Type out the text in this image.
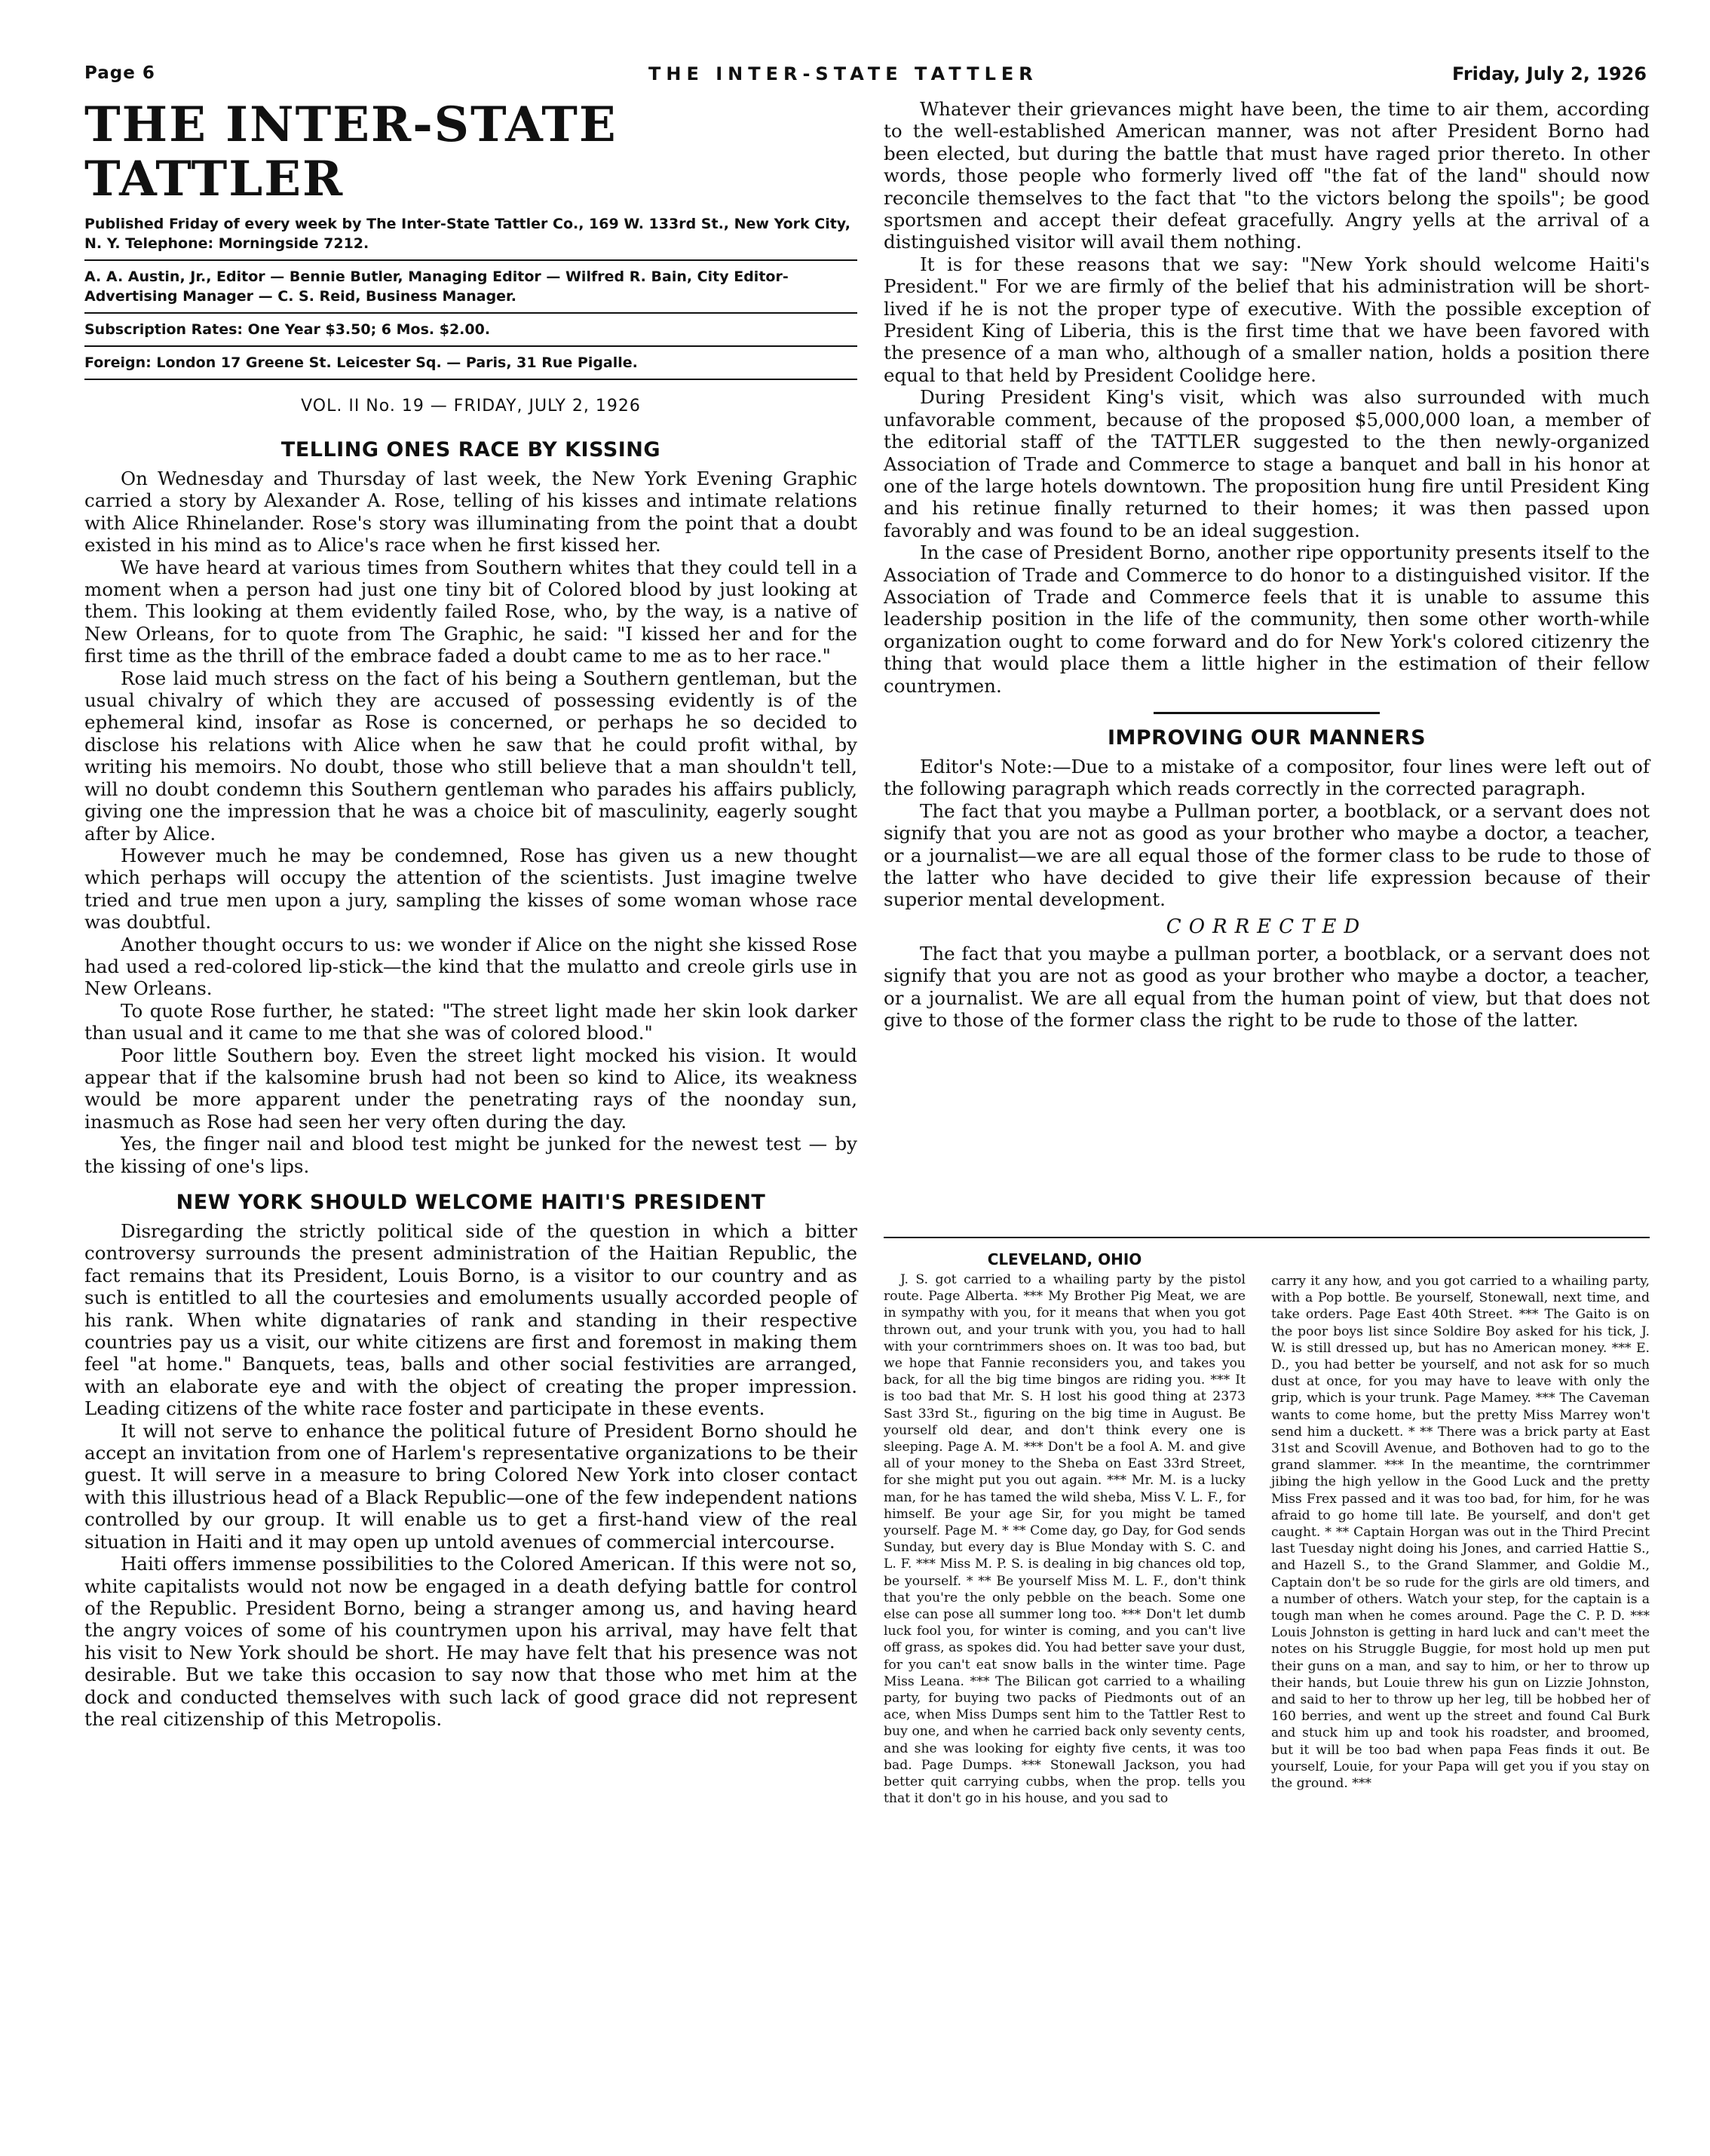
Page 6	THE INTER-STATE TATTLER	Friday, July 2, 1926
THE INTER-STATE TATTLER

Published Friday of every week by The Inter-State Tattler Co., 169 W. 133rd St., New York City, N. Y. Telephone: Morningside 7212.

A. A. Austin, Jr., Editor — Bennie Butler, Managing Editor — Wilfred R. Bain, City Editor-Advertising Manager — C. S. Reid, Business Manager.

Subscription Rates: One Year $3.50; 6 Mos. $2.00.

Foreign: London 17 Greene St. Leicester Sq. — Paris, 31 Rue Pigalle.

VOL. II No. 19 — FRIDAY, JULY 2, 1926
TELLING ONES RACE BY KISSING

On Wednesday and Thursday of last week, the New York Evening Graphic carried a story by Alexander A. Rose, telling of his kisses and intimate relations with Alice Rhinelander. Rose's story was illuminating from the point that a doubt existed in his mind as to Alice's race when he first kissed her.

We have heard at various times from Southern whites that they could tell in a moment when a person had just one tiny bit of Colored blood by just looking at them. This looking at them evidently failed Rose, who, by the way, is a native of New Orleans, for to quote from The Graphic, he said: "I kissed her and for the first time as the thrill of the embrace faded a doubt came to me as to her race."

Rose laid much stress on the fact of his being a Southern gentleman, but the usual chivalry of which they are accused of possessing evidently is of the ephemeral kind, insofar as Rose is concerned, or perhaps he so decided to disclose his relations with Alice when he saw that he could profit withal, by writing his memoirs. No doubt, those who still believe that a man shouldn't tell, will no doubt condemn this Southern gentleman who parades his affairs publicly, giving one the impression that he was a choice bit of masculinity, eagerly sought after by Alice.

However much he may be condemned, Rose has given us a new thought which perhaps will occupy the attention of the scientists. Just imagine twelve tried and true men upon a jury, sampling the kisses of some woman whose race was doubtful.

Another thought occurs to us: we wonder if Alice on the night she kissed Rose had used a red-colored lip-stick—the kind that the mulatto and creole girls use in New Orleans.

To quote Rose further, he stated: "The street light made her skin look darker than usual and it came to me that she was of colored blood."

Poor little Southern boy. Even the street light mocked his vision. It would appear that if the kalsomine brush had not been so kind to Alice, its weakness would be more apparent under the penetrating rays of the noonday sun, inasmuch as Rose had seen her very often during the day.

Yes, the finger nail and blood test might be junked for the newest test — by the kissing of one's lips.

NEW YORK SHOULD WELCOME HAITI'S PRESIDENT

Disregarding the strictly political side of the question in which a bitter controversy surrounds the present administration of the Haitian Republic, the fact remains that its President, Louis Borno, is a visitor to our country and as such is entitled to all the courtesies and emoluments usually accorded people of his rank. When white dignataries of rank and standing in their respective countries pay us a visit, our white citizens are first and foremost in making them feel "at home." Banquets, teas, balls and other social festivities are arranged, with an elaborate eye and with the object of creating the proper impression. Leading citizens of the white race foster and participate in these events.

It will not serve to enhance the political future of President Borno should he accept an invitation from one of Harlem's representative organizations to be their guest. It will serve in a measure to bring Colored New York into closer contact with this illustrious head of a Black Republic—one of the few independent nations controlled by our group. It will enable us to get a first-hand view of the real situation in Haiti and it may open up untold avenues of commercial intercourse.

Haiti offers immense possibilities to the Colored American. If this were not so, white capitalists would not now be engaged in a death defying battle for control of the Republic. President Borno, being a stranger among us, and having heard the angry voices of some of his countrymen upon his arrival, may have felt that his visit to New York should be short. He may have felt that his presence was not desirable. But we take this occasion to say now that those who met him at the dock and conducted themselves with such lack of good grace did not represent the real citizenship of this Metropolis.

Whatever their grievances might have been, the time to air them, according to the well-established American manner, was not after President Borno had been elected, but during the battle that must have raged prior thereto. In other words, those people who formerly lived off "the fat of the land" should now reconcile themselves to the fact that "to the victors belong the spoils"; be good sportsmen and accept their defeat gracefully. Angry yells at the arrival of a distinguished visitor will avail them nothing.

It is for these reasons that we say: "New York should welcome Haiti's President." For we are firmly of the belief that his administration will be short-lived if he is not the proper type of executive. With the possible exception of President King of Liberia, this is the first time that we have been favored with the presence of a man who, although of a smaller nation, holds a position there equal to that held by President Coolidge here.

During President King's visit, which was also surrounded with much unfavorable comment, because of the proposed $5,000,000 loan, a member of the editorial staff of the TATTLER suggested to the then newly-organized Association of Trade and Commerce to stage a banquet and ball in his honor at one of the large hotels downtown. The proposition hung fire until President King and his retinue finally returned to their homes; it was then passed upon favorably and was found to be an ideal suggestion.

In the case of President Borno, another ripe opportunity presents itself to the Association of Trade and Commerce to do honor to a distinguished visitor. If the Association of Trade and Commerce feels that it is unable to assume this leadership position in the life of the community, then some other worth-while organization ought to come forward and do for New York's colored citizenry the thing that would place them a little higher in the estimation of their fellow countrymen.

IMPROVING OUR MANNERS

Editor's Note:—Due to a mistake of a compositor, four lines were left out of the following paragraph which reads correctly in the corrected paragraph.

The fact that you maybe a Pullman porter, a bootblack, or a servant does not signify that you are not as good as your brother who maybe a doctor, a teacher, or a journalist—we are all equal those of the former class to be rude to those of the latter who have decided to give their life expression because of their superior mental development.

CORRECTED

The fact that you maybe a pullman porter, a bootblack, or a servant does not signify that you are not as good as your brother who maybe a doctor, a teacher, or a journalist. We are all equal from the human point of view, but that does not give to those of the former class the right to be rude to those of the latter.

CLEVELAND, OHIO

J. S. got carried to a whailing party by the pistol route. Page Alberta. *** My Brother Pig Meat, we are in sympathy with you, for it means that when you got thrown out, and your trunk with you, you had to hall with your corntrimmers shoes on. It was too bad, but we hope that Fannie reconsiders you, and takes you back, for all the big time bingos are riding you. *** It is too bad that Mr. S. H lost his good thing at 2373 Sast 33rd St., figuring on the big time in August. Be yourself old dear, and don't think every one is sleeping. Page A. M. *** Don't be a fool A. M. and give all of your money to the Sheba on East 33rd Street, for she might put you out again. *** Mr. M. is a lucky man, for he has tamed the wild sheba, Miss V. L. F., for himself. Be your age Sir, for you might be tamed yourself. Page M. * ** Come day, go Day, for God sends Sunday, but every day is Blue Monday with S. C. and L. F. *** Miss M. P. S. is dealing in big chances old top, be yourself. * ** Be yourself Miss M. L. F., don't think that you're the only pebble on the beach. Some one else can pose all summer long too. *** Don't let dumb luck fool you, for winter is coming, and you can't live off grass, as spokes did. You had better save your dust, for you can't eat snow balls in the winter time. Page Miss Leana. *** The Bilican got carried to a whailing party, for buying two packs of Piedmonts out of an ace, when Miss Dumps sent him to the Tattler Rest to buy one, and when he carried back only seventy cents, and she was looking for eighty five cents, it was too bad. Page Dumps. *** Stonewall Jackson, you had better quit carrying cubbs, when the prop. tells you that it don't go in his house, and you sad to

carry it any how, and you got carried to a whailing party, with a Pop bottle. Be yourself, Stonewall, next time, and take orders. Page East 40th Street. *** The Gaito is on the poor boys list since Soldire Boy asked for his tick, J. W. is still dressed up, but has no American money. *** E. D., you had better be yourself, and not ask for so much dust at once, for you may have to leave with only the grip, which is your trunk. Page Mamey. *** The Caveman wants to come home, but the pretty Miss Marrey won't send him a duckett. * ** There was a brick party at East 31st and Scovill Avenue, and Bothoven had to go to the grand slammer. *** In the meantime, the corntrimmer jibing the high yellow in the Good Luck and the pretty Miss Frex passed and it was too bad, for him, for he was afraid to go home till late. Be yourself, and don't get caught. * ** Captain Horgan was out in the Third Precint last Tuesday night doing his Jones, and carried Hattie S., and Hazell S., to the Grand Slammer, and Goldie M., Captain don't be so rude for the girls are old timers, and a number of others. Watch your step, for the captain is a tough man when he comes around. Page the C. P. D. *** Louis Johnston is getting in hard luck and can't meet the notes on his Struggle Buggie, for most hold up men put their guns on a man, and say to him, or her to throw up their hands, but Louie threw his gun on Lizzie Johnston, and said to her to throw up her leg, till be hobbed her of 160 berries, and went up the street and found Cal Burk and stuck him up and took his roadster, and broomed, but it will be too bad when papa Feas finds it out. Be yourself, Louie, for your Papa will get you if you stay on the ground. ***
